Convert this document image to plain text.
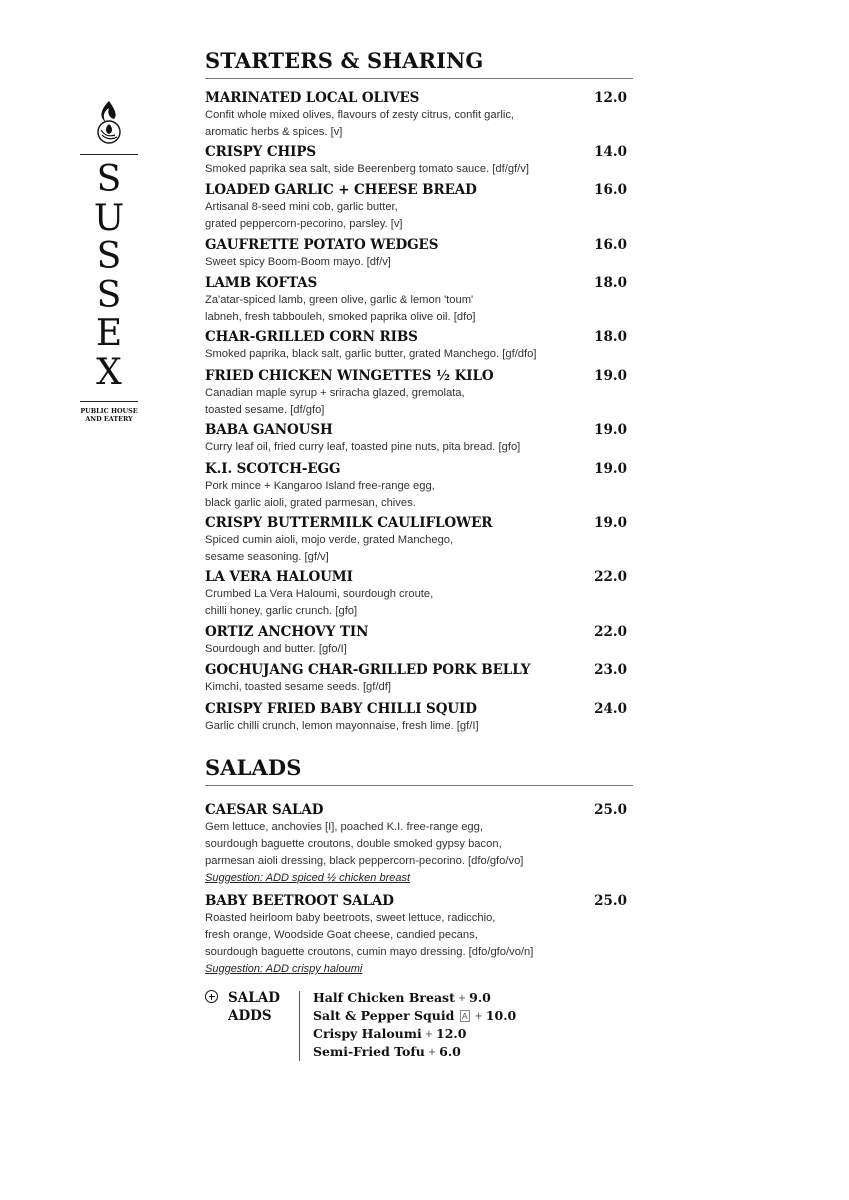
S
U
S
S
E
X
PUBLIC HOUSE
AND EATERY
STARTERS & SHARING
MARINATED LOCAL OLIVES	12.0
Confit whole mixed olives, flavours of zesty citrus, confit garlic,
aromatic herbs & spices. [v]
CRISPY CHIPS	14.0
Smoked paprika sea salt, side Beerenberg tomato sauce. [df/gf/v]
LOADED GARLIC + CHEESE BREAD	16.0
Artisanal 8-seed mini cob, garlic butter,
grated peppercorn-pecorino, parsley. [v]
GAUFRETTE POTATO WEDGES	16.0
Sweet spicy Boom-Boom mayo. [df/v]
LAMB KOFTAS	18.0
Za'atar-spiced lamb, green olive, garlic & lemon 'toum'
labneh, fresh tabbouleh, smoked paprika olive oil. [dfo]
CHAR-GRILLED CORN RIBS	18.0
Smoked paprika, black salt, garlic butter, grated Manchego. [gf/dfo]
FRIED CHICKEN WINGETTES ½ KILO	19.0
Canadian maple syrup + sriracha glazed, gremolata,
toasted sesame. [df/gfo]
BABA GANOUSH	19.0
Curry leaf oil, fried curry leaf, toasted pine nuts, pita bread. [gfo]
K.I. SCOTCH-EGG	19.0
Pork mince + Kangaroo Island free-range egg,
black garlic aioli, grated parmesan, chives.
CRISPY BUTTERMILK CAULIFLOWER	19.0
Spiced cumin aioli, mojo verde, grated Manchego,
sesame seasoning. [gf/v]
LA VERA HALOUMI	22.0
Crumbed La Vera Haloumi, sourdough croute,
chilli honey, garlic crunch. [gfo]
ORTIZ ANCHOVY TIN	22.0
Sourdough and butter. [gfo/I]
GOCHUJANG CHAR-GRILLED PORK BELLY	23.0
Kimchi, toasted sesame seeds. [gf/df]
CRISPY FRIED BABY CHILLI SQUID	24.0
Garlic chilli crunch, lemon mayonnaise, fresh lime. [gf/I]
SALADS
CAESAR SALAD	25.0
Gem lettuce, anchovies [I], poached K.I. free-range egg,
sourdough baguette croutons, double smoked gypsy bacon,
parmesan aioli dressing, black peppercorn-pecorino. [dfo/gfo/vo]
Suggestion: ADD spiced ½ chicken breast
BABY BEETROOT SALAD	25.0
Roasted heirloom baby beetroots, sweet lettuce, radicchio,
fresh orange, Woodside Goat cheese, candied pecans,
sourdough baguette croutons, cumin mayo dressing. [dfo/gfo/vo/n]
Suggestion: ADD crispy haloumi
SALAD
ADDS
Half Chicken Breast + 9.0
Salt & Pepper Squid A + 10.0
Crispy Haloumi + 12.0
Semi-Fried Tofu + 6.0
